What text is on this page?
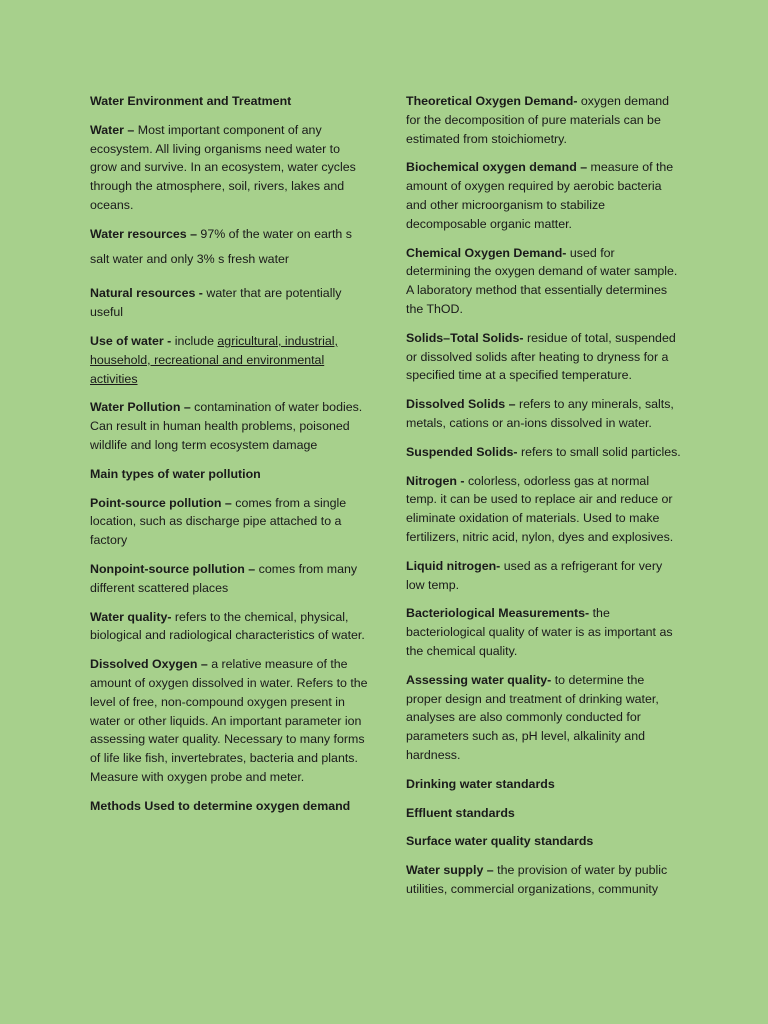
Water Environment and Treatment

Water – Most important component of any ecosystem. All living organisms need water to grow and survive. In an ecosystem, water cycles through the atmosphere, soil, rivers, lakes and oceans.

Water resources – 97% of the water on earth s

salt water and only 3% s fresh water

Natural resources - water that are potentially useful

Use of water - include agricultural, industrial, household, recreational and environmental activities

Water Pollution – contamination of water bodies. Can result in human health problems, poisoned wildlife and long term ecosystem damage

Main types of water pollution

Point-source pollution – comes from a single location, such as discharge pipe attached to a factory

Nonpoint-source pollution – comes from many different scattered places

Water quality- refers to the chemical, physical, biological and radiological characteristics of water.

Dissolved Oxygen – a relative measure of the amount of oxygen dissolved in water. Refers to the level of free, non-compound oxygen present in water or other liquids. An important parameter ion assessing water quality. Necessary to many forms of life like fish, invertebrates, bacteria and plants. Measure with oxygen probe and meter.

Methods Used to determine oxygen demand

Theoretical Oxygen Demand- oxygen demand for the decomposition of pure materials can be estimated from stoichiometry.

Biochemical oxygen demand – measure of the amount of oxygen required by aerobic bacteria and other microorganism to stabilize decomposable organic matter.

Chemical Oxygen Demand- used for determining the oxygen demand of water sample. A laboratory method that essentially determines the ThOD.

Solids–Total Solids- residue of total, suspended or dissolved solids after heating to dryness for a specified time at a specified temperature.

Dissolved Solids – refers to any minerals, salts, metals, cations or an-ions dissolved in water.

Suspended Solids- refers to small solid particles.

Nitrogen - colorless, odorless gas at normal temp. it can be used to replace air and reduce or eliminate oxidation of materials. Used to make fertilizers, nitric acid, nylon, dyes and explosives.

Liquid nitrogen- used as a refrigerant for very low temp.

Bacteriological Measurements- the bacteriological quality of water is as important as the chemical quality.

Assessing water quality- to determine the proper design and treatment of drinking water, analyses are also commonly conducted for parameters such as, pH level, alkalinity and hardness.

Drinking water standards
Effluent standards
Surface water quality standards

Water supply – the provision of water by public utilities, commercial organizations, community
